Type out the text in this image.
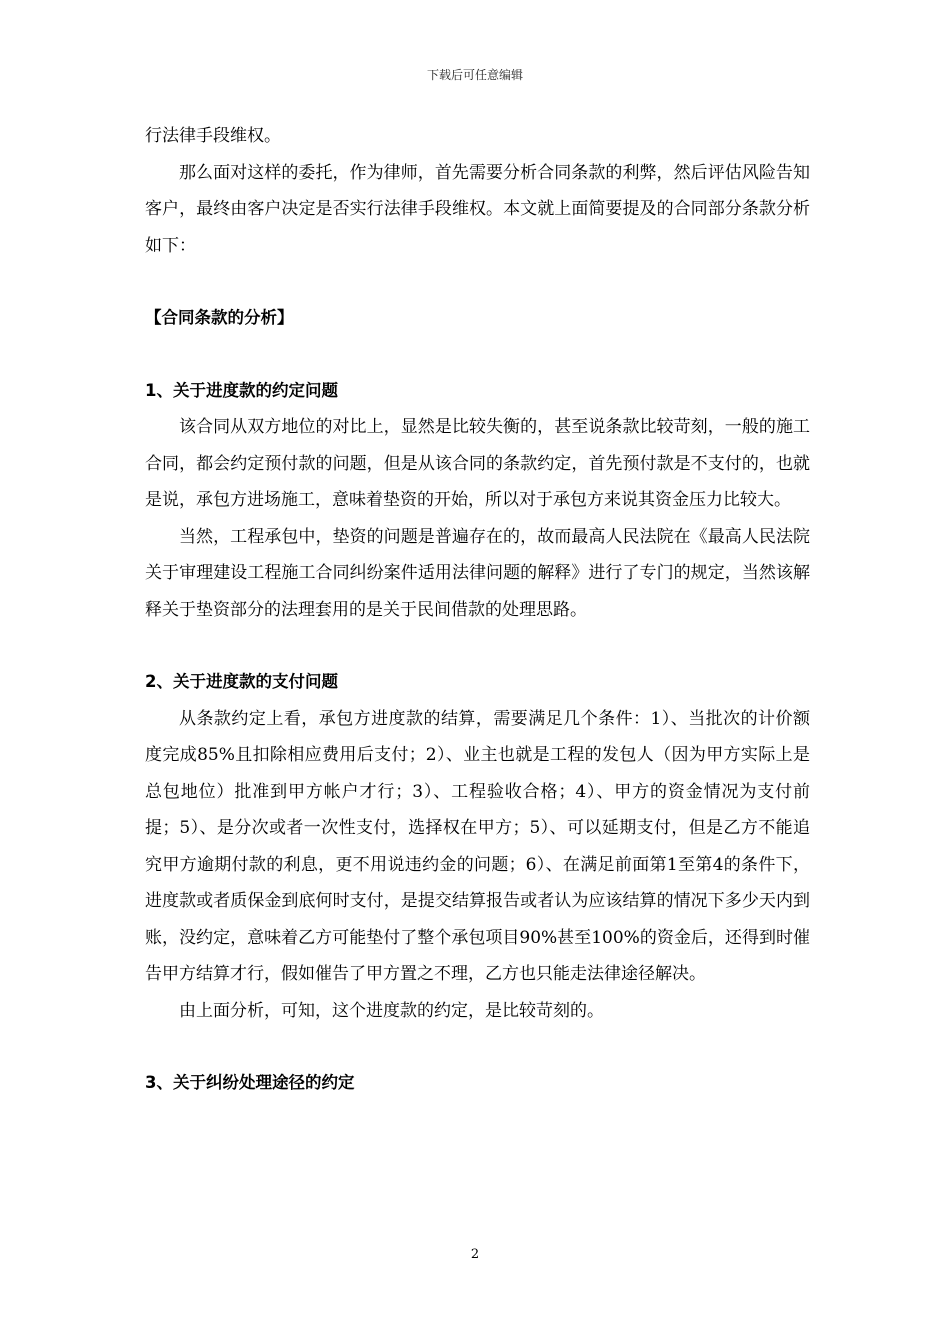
下载后可任意编辑

行法律手段维权。

那么面对这样的委托，作为律师，首先需要分析合同条款的利弊，然后评估风险告知客户，最终由客户决定是否实行法律手段维权。本文就上面简要提及的合同部分条款分析如下：

【合同条款的分析】

1、关于进度款的约定问题

该合同从双方地位的对比上，显然是比较失衡的，甚至说条款比较苛刻，一般的施工合同，都会约定预付款的问题，但是从该合同的条款约定，首先预付款是不支付的，也就是说，承包方进场施工，意味着垫资的开始，所以对于承包方来说其资金压力比较大。

当然，工程承包中，垫资的问题是普遍存在的，故而最高人民法院在《最高人民法院关于审理建设工程施工合同纠纷案件适用法律问题的解释》进行了专门的规定，当然该解释关于垫资部分的法理套用的是关于民间借款的处理思路。

2、关于进度款的支付问题

从条款约定上看，承包方进度款的结算，需要满足几个条件：1）、当批次的计价额度完成85%且扣除相应费用后支付；2）、业主也就是工程的发包人（因为甲方实际上是总包地位）批准到甲方帐户才行；3）、工程验收合格；4）、甲方的资金情况为支付前提；5）、是分次或者一次性支付，选择权在甲方；5）、可以延期支付，但是乙方不能追究甲方逾期付款的利息，更不用说违约金的问题；6）、在满足前面第1至第4的条件下，进度款或者质保金到底何时支付，是提交结算报告或者认为应该结算的情况下多少天内到账，没约定，意味着乙方可能垫付了整个承包项目90%甚至100%的资金后，还得到时催告甲方结算才行，假如催告了甲方置之不理，乙方也只能走法律途径解决。

由上面分析，可知，这个进度款的约定，是比较苛刻的。

3、关于纠纷处理途径的约定

2
